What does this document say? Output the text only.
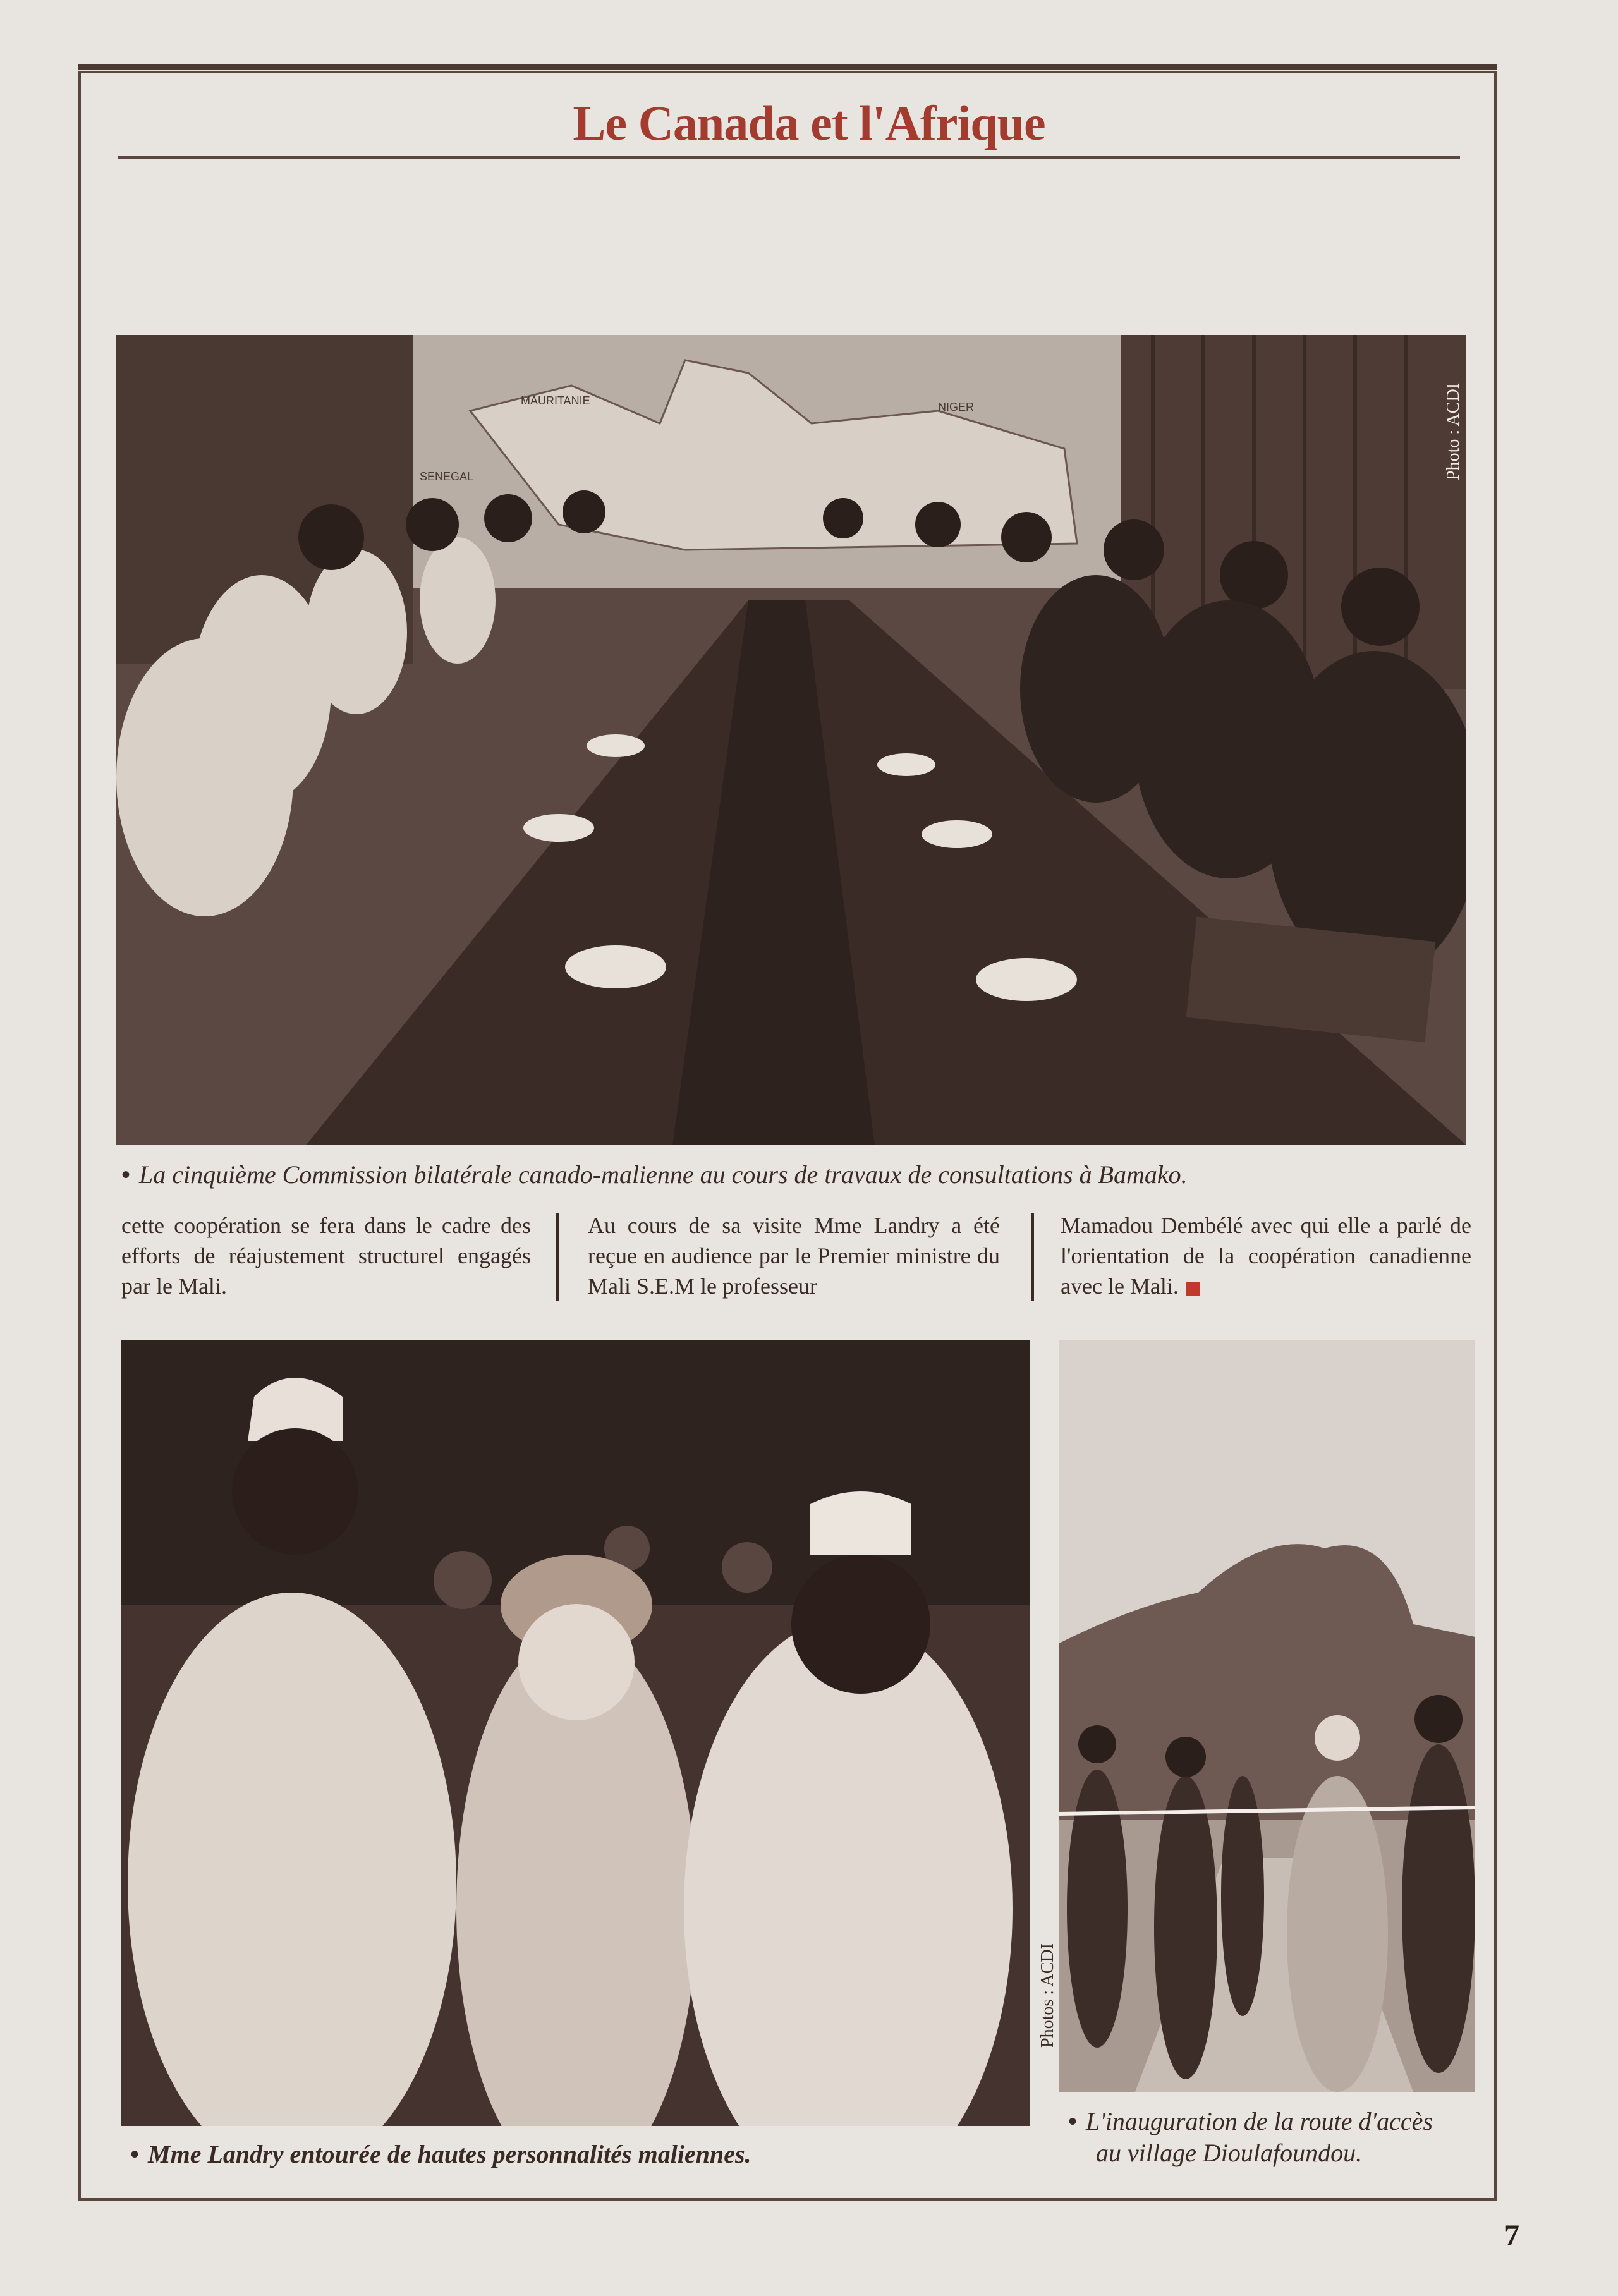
Le Canada et l'Afrique
MAURITANIE
SENEGAL
NIGER	Photo : ACDI
• La cinquième Commission bilatérale canado-malienne au cours de travaux de consultations à Bamako.
cette coopération se fera dans le cadre des efforts de réajustement structurel engagés par le Mali.
Au cours de sa visite Mme Landry a été reçue en audience par le Premier ministre du Mali S.E.M le professeur
Mamadou Dembélé avec qui elle a parlé de l'orientation de la coopération canadienne avec le Mali.
• Mme Landry entourée de hautes personnalités maliennes.
Photos : ACDI
• L'inauguration de la route d'accès
au village Dioulafoundou.
7
